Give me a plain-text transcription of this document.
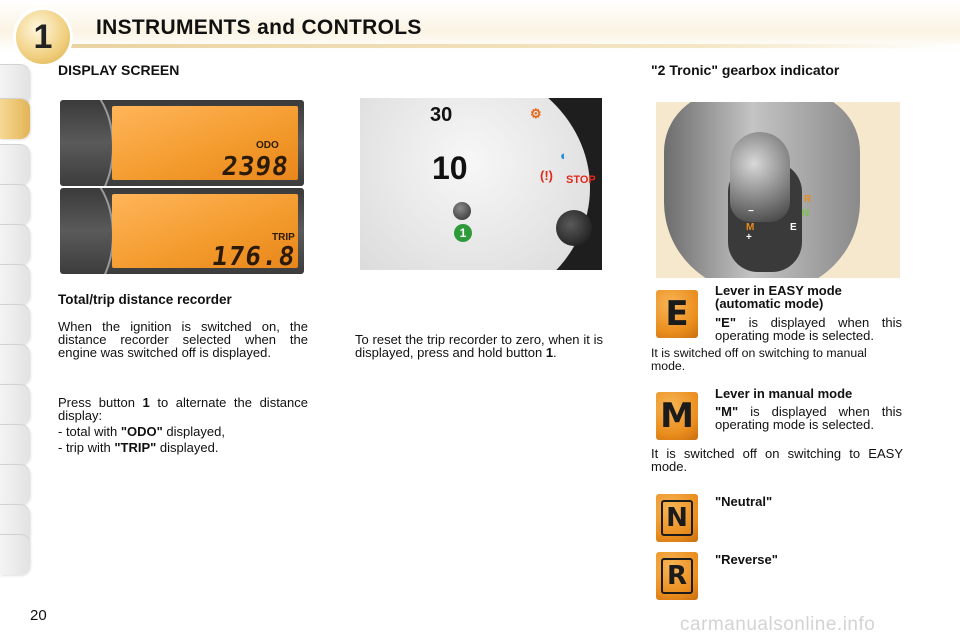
1	INSTRUMENTS and CONTROLS
DISPLAY SCREEN
ODO
2398
TRIP
176.8
Total/trip distance recorder
When the ignition is switched on, the distance recorder selected when the engine was switched off is displayed.
Press button 1 to alternate the distance display:
- total with "ODO" displayed,
- trip with "TRIP" displayed.
30
10
⚙
◐
(!) STOP
1
To reset the trip recorder to zero, when it is displayed, press and hold button 1.
"2 Tronic" gearbox indicator
−
+
M	E
R
N
E
Lever in EASY mode (automatic mode)
"E" is displayed when this operating mode is selected.
It is switched off on switching to manual mode.
M
Lever in manual mode
"M" is displayed when this operating mode is selected.
It is switched off on switching to EASY mode.
N
"Neutral"
R
"Reverse"
20	carmanualsonline.info
